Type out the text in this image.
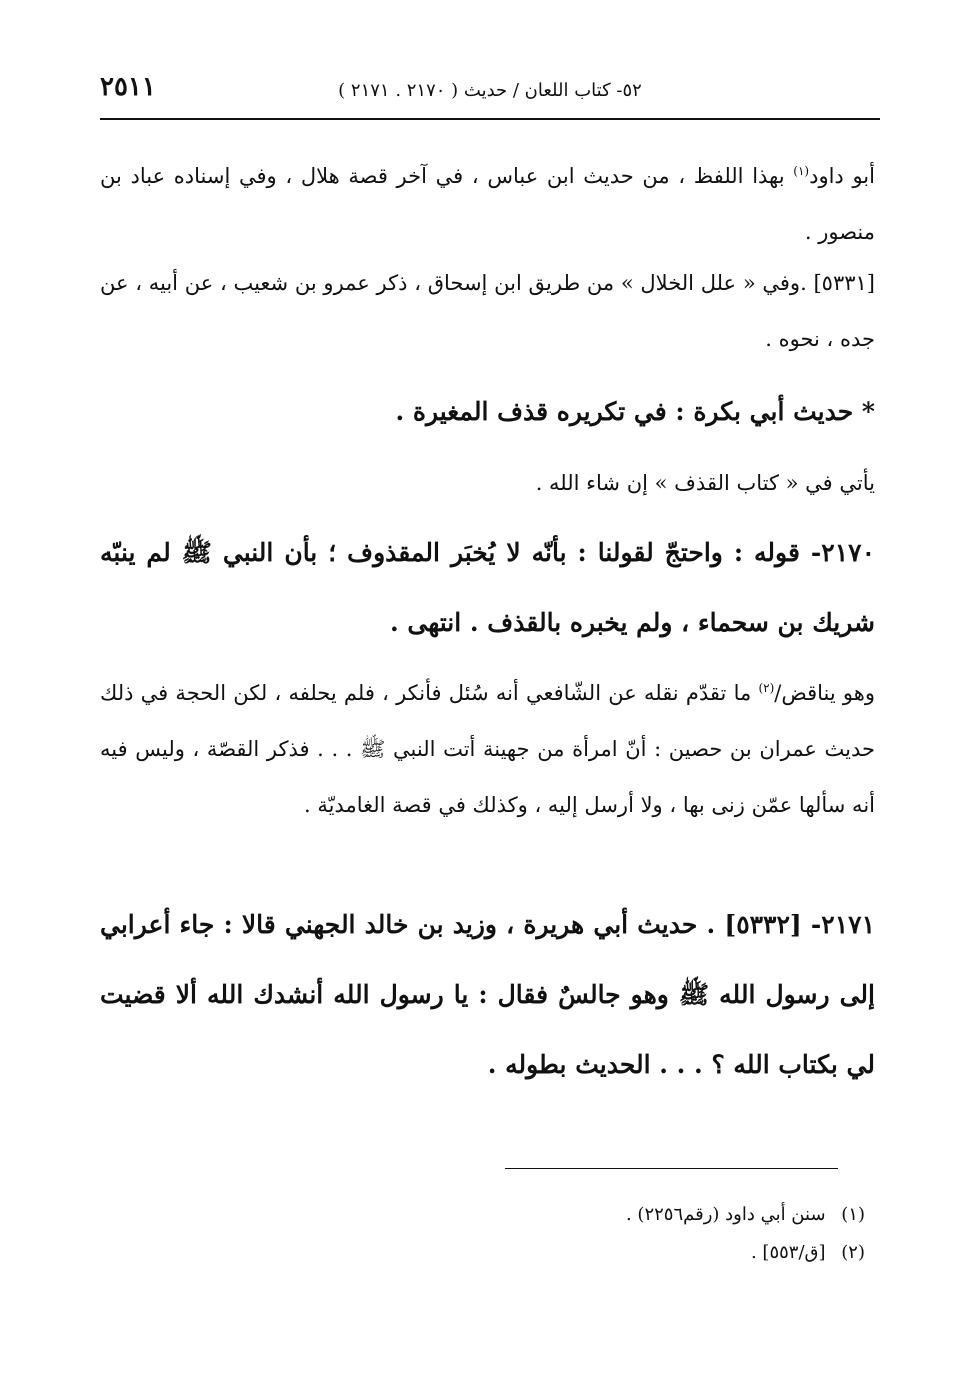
٢٥١١	٥٢- كتاب اللعان / حديث ( ٢١٧٠ . ٢١٧١ )

أبو داود$^{(١)}$ بهذا اللفظ ، من حديث ابن عباس ، في آخر قصة هلال ، وفي إسناده عباد بن منصور .

[٥٣٣١] .وفي « علل الخلال » من طريق ابن إسحاق ، ذكر عمرو بن شعيب ، عن أبيه ، عن جده ، نحوه .

* حديث أبي بكرة : في تكريره قذف المغيرة .

يأتي في « كتاب القذف » إن شاء الله .

٢١٧٠- قوله : واحتجّ لقولنا : بأنّه لا يُخبَر المقذوف ؛ بأن النبي ﷺ لم ينبّه شريك بن سحماء ، ولم يخبره بالقذف . انتهى .

وهو يناقض/$^{(٢)}$ ما تقدّم نقله عن الشّافعي أنه سُئل فأنكر ، فلم يحلفه ، لكن الحجة في ذلك حديث عمران بن حصين : أنّ امرأة من جهينة أتت النبي ﷺ . . . فذكر القصّة ، وليس فيه أنه سألها عمّن زنى بها ، ولا أرسل إليه ، وكذلك في قصة الغامديّة .

٢١٧١- [٥٣٣٢] . حديث أبي هريرة ، وزيد بن خالد الجهني قالا : جاء أعرابي إلى رسول الله ﷺ وهو جالسٌ فقال : يا رسول الله أنشدك الله ألا قضيت لي بكتاب الله ؟ . . . الحديث بطوله .

(١) سنن أبي داود (رقم٢٢٥٦) .
(٢) [ق/٥٥٣] .
